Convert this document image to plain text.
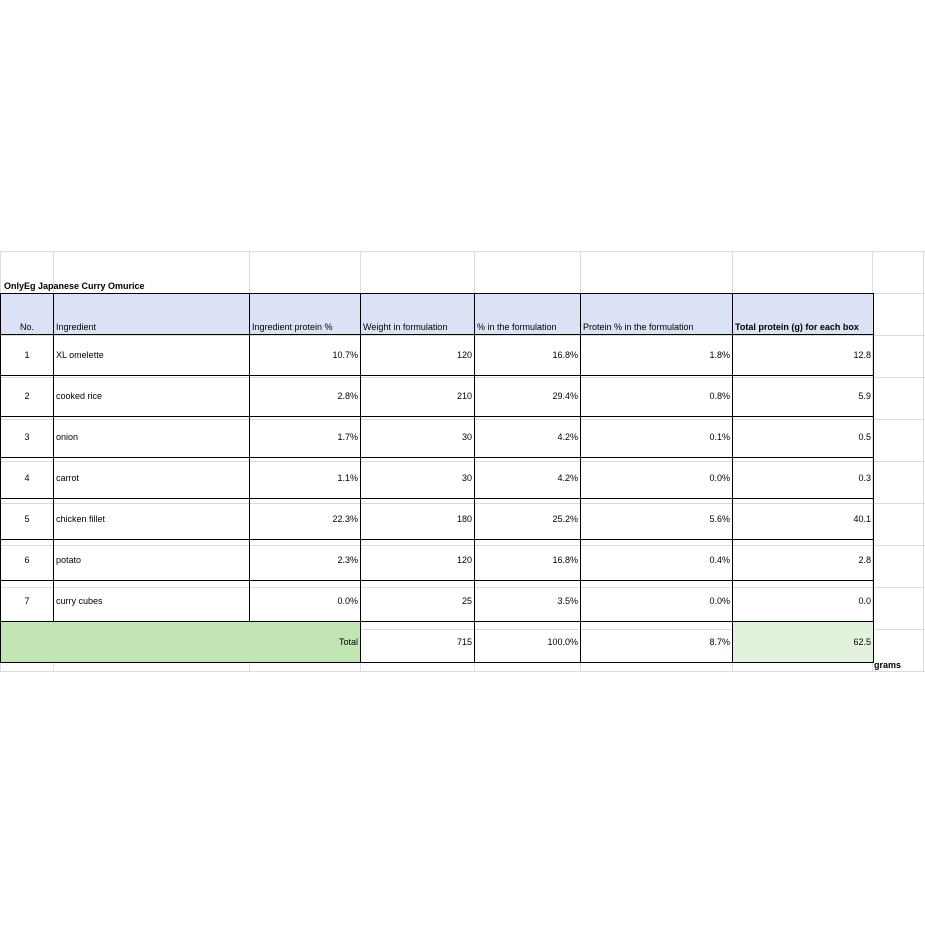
OnlyEg Japanese Curry Omurice
No.	Ingredient	Ingredient protein %	Weight in formulation	% in the formulation	Protein % in the formulation	Total protein (g) for each box
1	XL omelette	10.7%	120	16.8%	1.8%	12.8
2	cooked rice	2.8%	210	29.4%	0.8%	5.9
3	onion	1.7%	30	4.2%	0.1%	0.5
4	carrot	1.1%	30	4.2%	0.0%	0.3
5	chicken fillet	22.3%	180	25.2%	5.6%	40.1
6	potato	2.3%	120	16.8%	0.4%	2.8
7	curry cubes	0.0%	25	3.5%	0.0%	0.0
Total			715	100.0%	8.7%	62.5
grams
